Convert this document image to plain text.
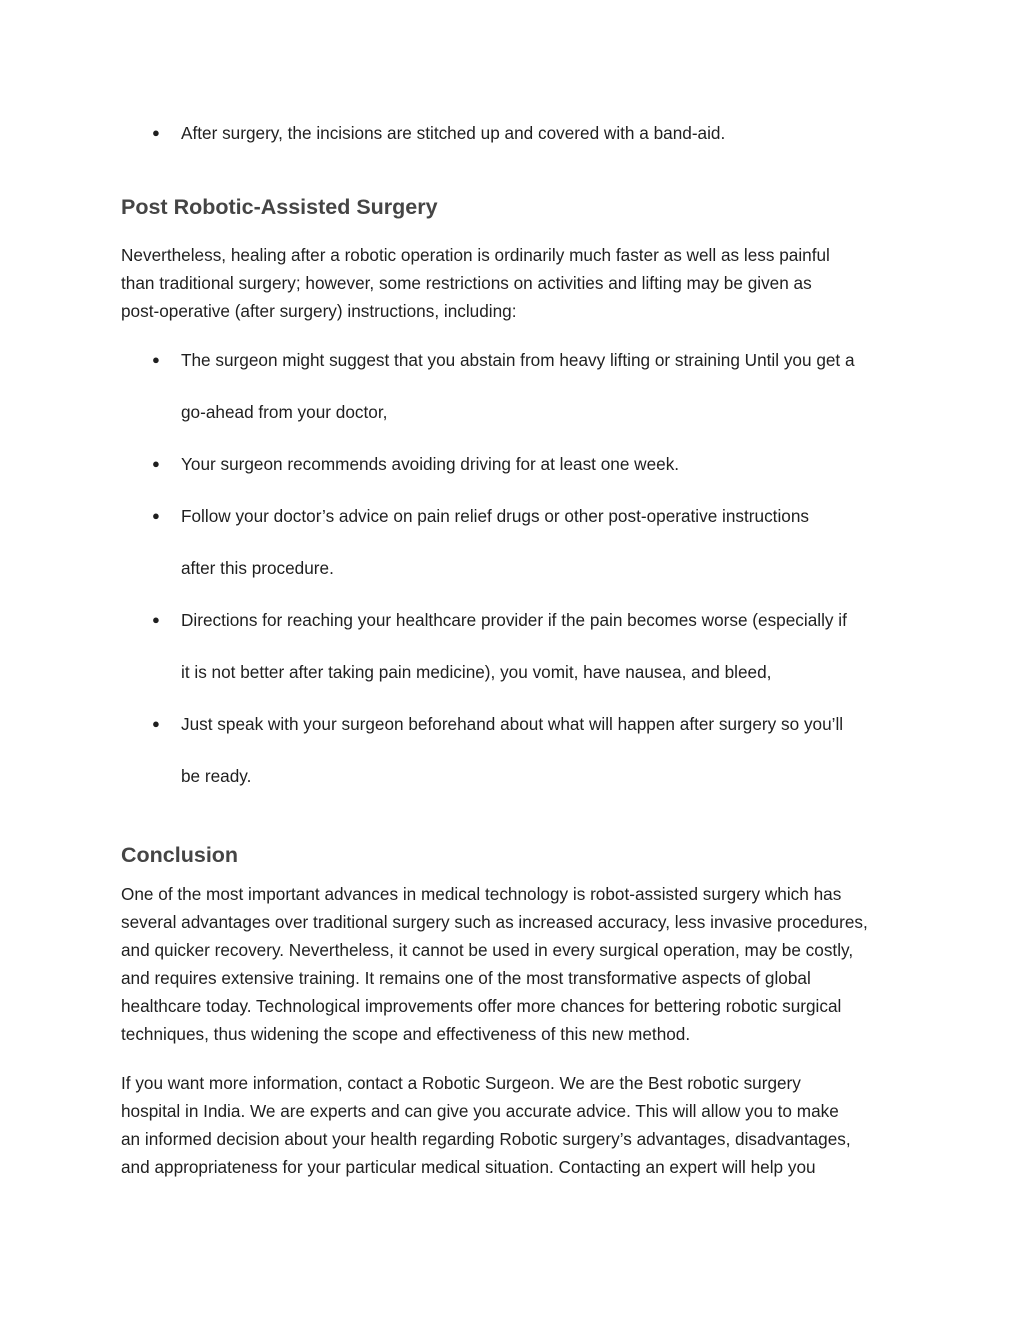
● After surgery, the incisions are stitched up and covered with a band-aid.
Post Robotic-Assisted Surgery
Nevertheless, healing after a robotic operation is ordinarily much faster as well as less painful
than traditional surgery; however, some restrictions on activities and lifting may be given as
post-operative (after surgery) instructions, including:
● The surgeon might suggest that you abstain from heavy lifting or straining Until you get a
go-ahead from your doctor,
● Your surgeon recommends avoiding driving for at least one week.
● Follow your doctor’s advice on pain relief drugs or other post-operative instructions
after this procedure.
● Directions for reaching your healthcare provider if the pain becomes worse (especially if
it is not better after taking pain medicine), you vomit, have nausea, and bleed,
● Just speak with your surgeon beforehand about what will happen after surgery so you’ll
be ready.
Conclusion
One of the most important advances in medical technology is robot-assisted surgery which has
several advantages over traditional surgery such as increased accuracy, less invasive procedures,
and quicker recovery. Nevertheless, it cannot be used in every surgical operation, may be costly,
and requires extensive training. It remains one of the most transformative aspects of global
healthcare today. Technological improvements offer more chances for bettering robotic surgical
techniques, thus widening the scope and effectiveness of this new method.
If you want more information, contact a Robotic Surgeon. We are the Best robotic surgery
hospital in India. We are experts and can give you accurate advice. This will allow you to make
an informed decision about your health regarding Robotic surgery’s advantages, disadvantages,
and appropriateness for your particular medical situation. Contacting an expert will help you
